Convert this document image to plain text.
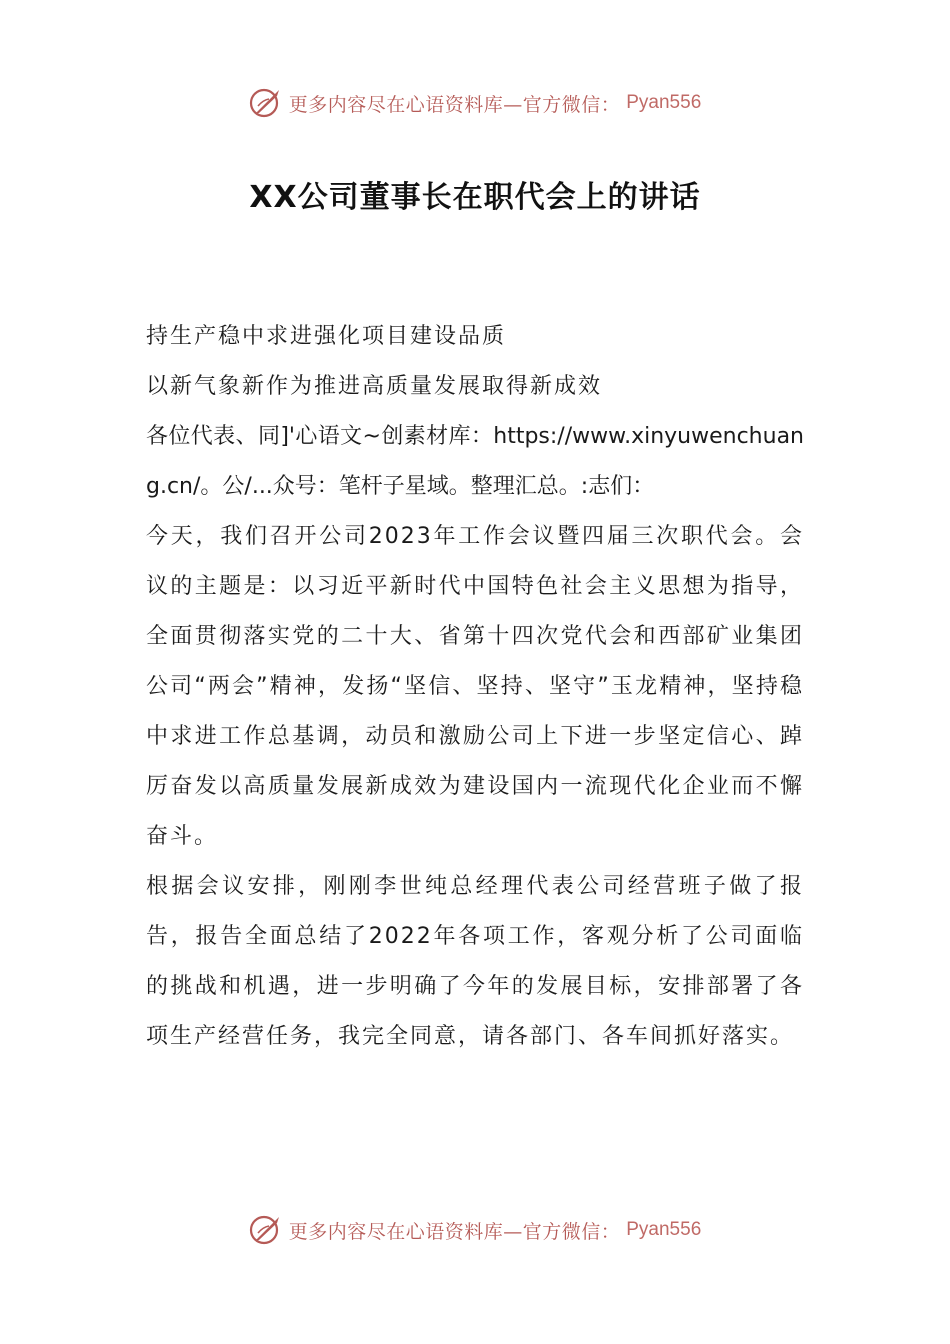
更多内容尽在心语资料库—官方微信： Pyan556
XX公司董事长在职代会上的讲话

持生产稳中求进强化项目建设品质

以新气象新作为推进高质量发展取得新成效

各位代表、同]'心语文~创素材库：https://www.xinyuwenchuang.cn/。公/...众号：笔杆子星域。整理汇总。:志们：

今天，我们召开公司2023年工作会议暨四届三次职代会。会议的主题是：以习近平新时代中国特色社会主义思想为指导，全面贯彻落实党的二十大、省第十四次党代会和西部矿业集团公司“两会”精神，发扬“坚信、坚持、坚守”玉龙精神，坚持稳中求进工作总基调，动员和激励公司上下进一步坚定信心、踔厉奋发以高质量发展新成效为建设国内一流现代化企业而不懈奋斗。

根据会议安排，刚刚李世纯总经理代表公司经营班子做了报告，报告全面总结了2022年各项工作，客观分析了公司面临的挑战和机遇，进一步明确了今年的发展目标，安排部署了各项生产经营任务，我完全同意，请各部门、各车间抓好落实。

更多内容尽在心语资料库—官方微信： Pyan556
